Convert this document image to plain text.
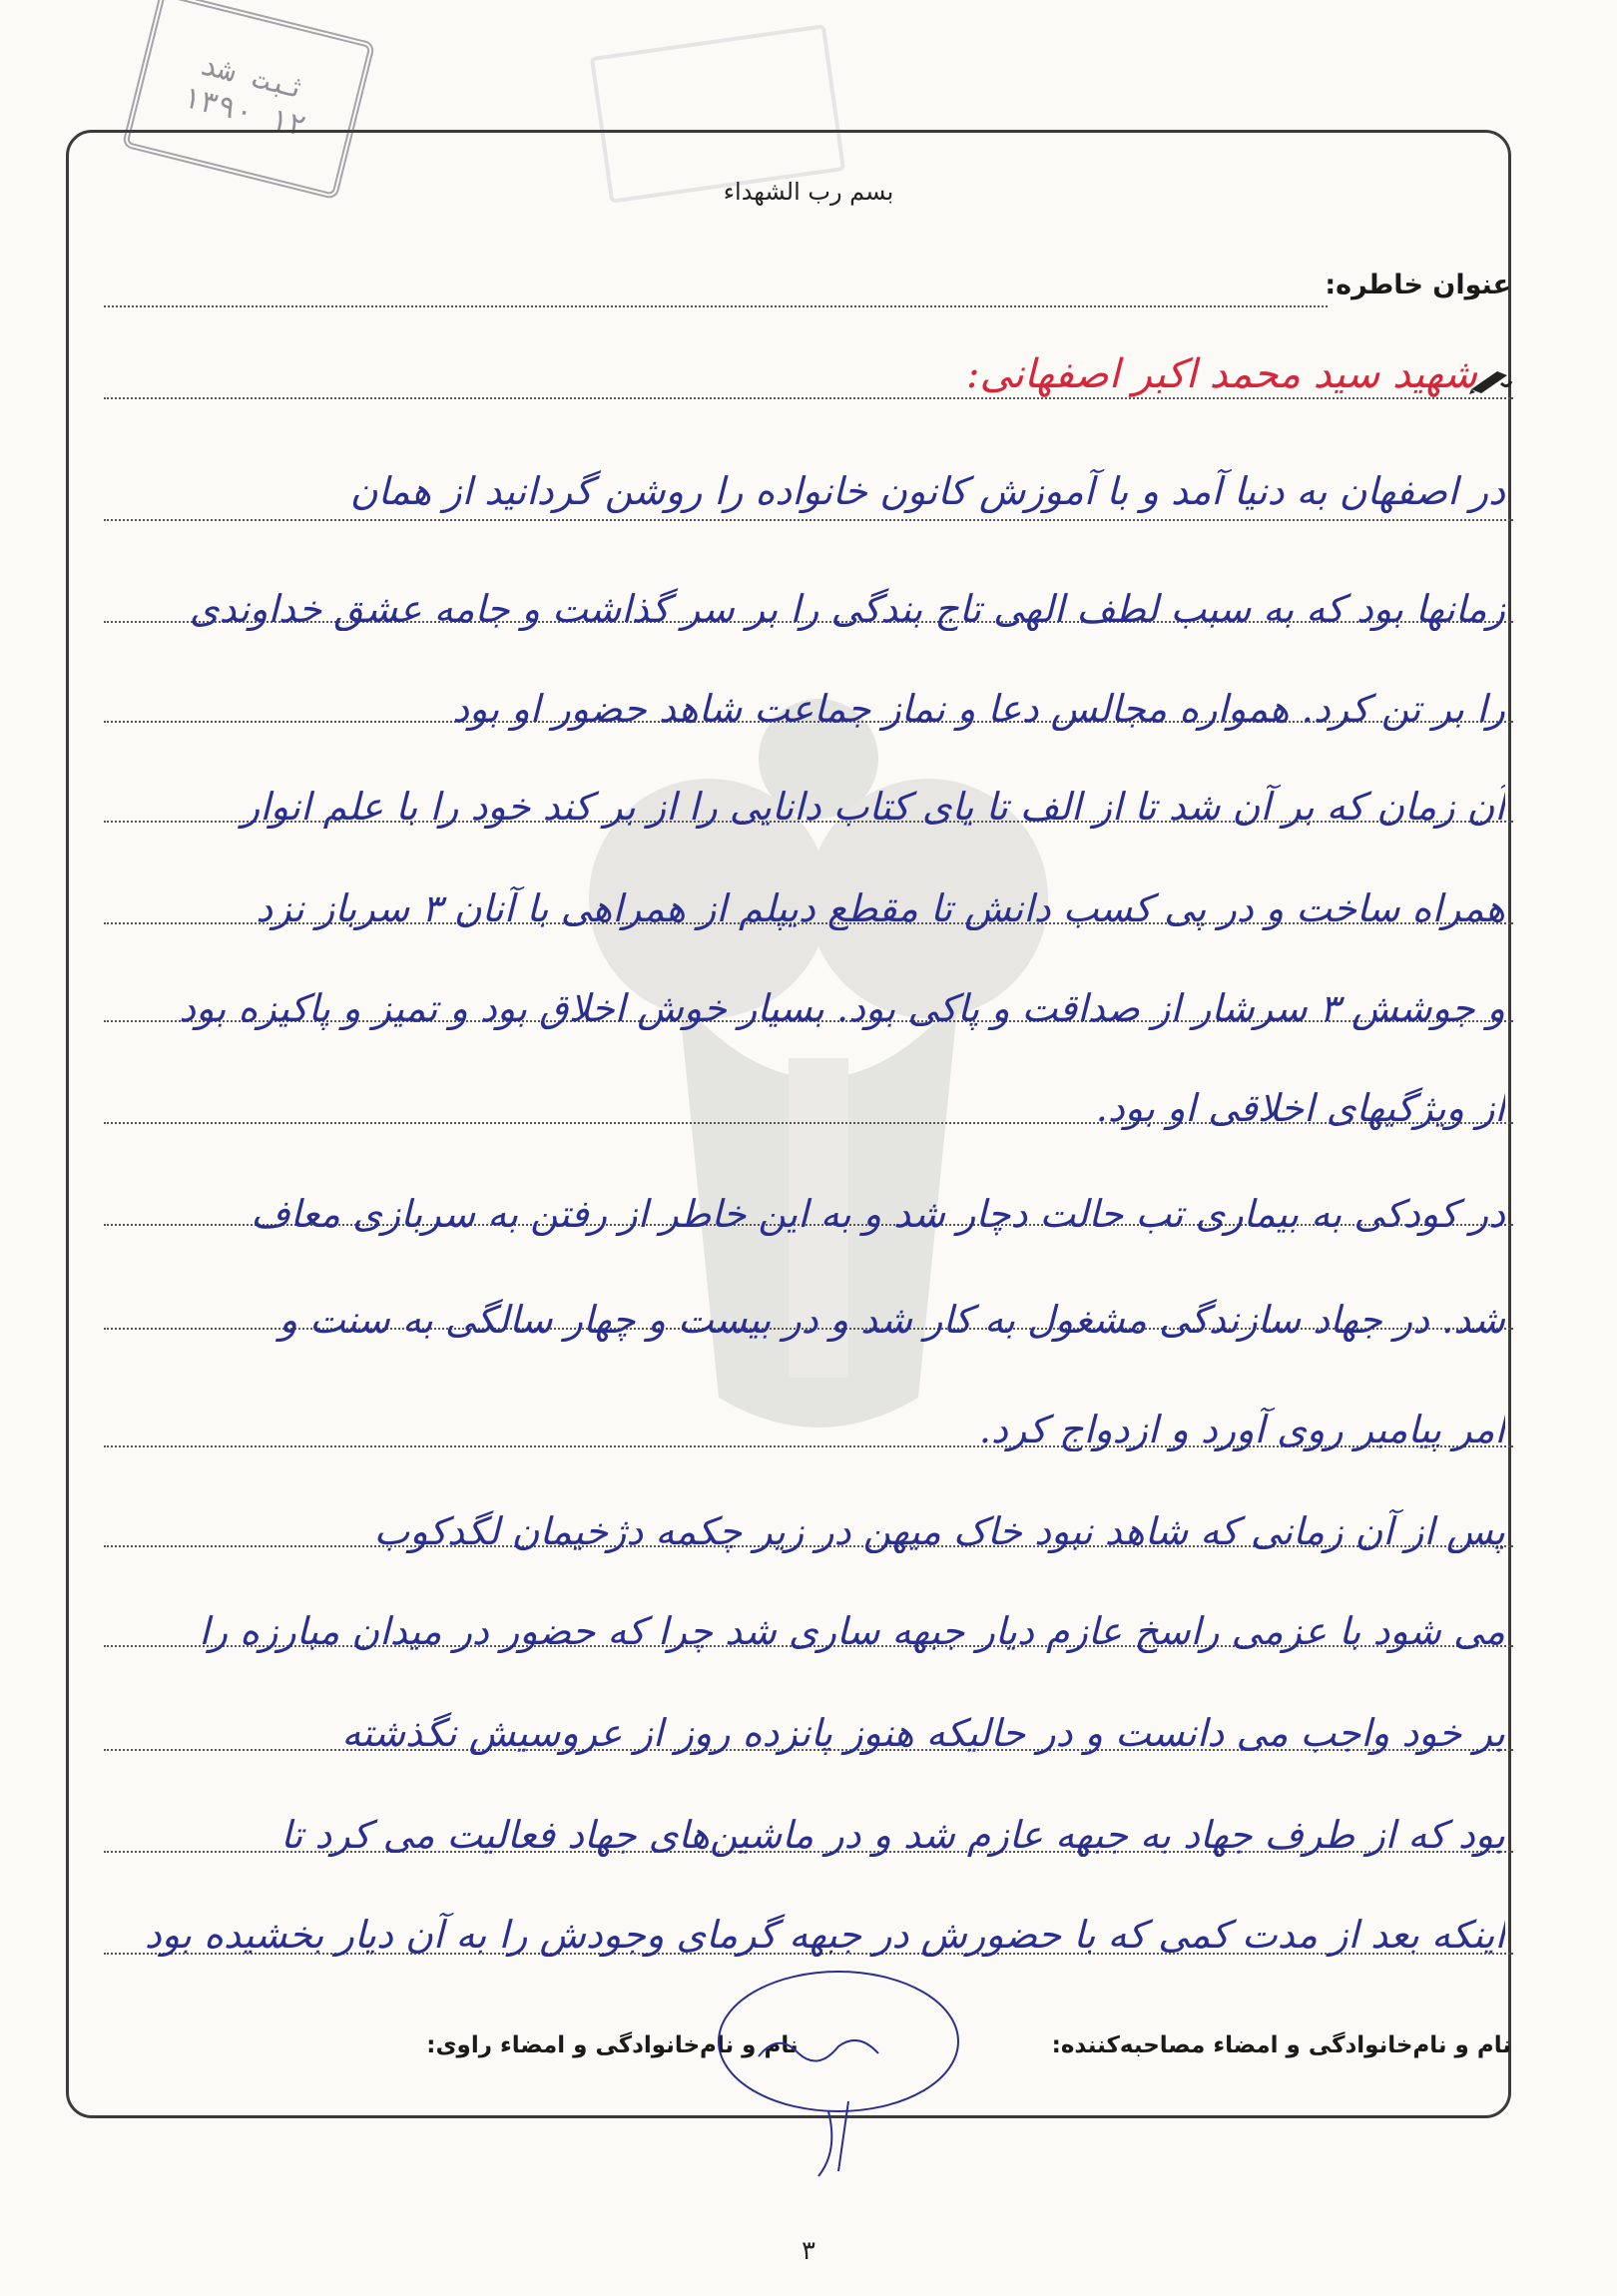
ثبت شد
۱۳۹۰ ۱۲
بسم رب الشهداء
عنوان خاطره:
شهید سید محمد اکبر اصفهانی:
در اصفهان به دنیا آمد و با آموزش کانون خانواده را روشن گردانید از همان
زمانها بود که به سبب لطف الهی تاج بندگی را بر سر گذاشت و جامه عشق خداوندی
را بر تن کرد. همواره مجالس دعا و نماز جماعت شاهد حضور او بود
آن زمان که بر آن شد تا از الف تا یای کتاب دانایی را از بر کند خود را با علم انوار
همراه ساخت و در پی کسب دانش تا مقطع دیپلم از همراهی با آنان ۳ سرباز نزد
و جوشش ۳ سرشار از صداقت و پاکی بود. بسیار خوش اخلاق بود و تمیز و پاکیزه بود
از ویژگیهای اخلاقی او بود.
در کودکی به بیماری تب حالت دچار شد و به این خاطر از رفتن به سربازی معاف
شد. در جهاد سازندگی مشغول به کار شد و در بیست و چهار سالگی به سنت و
امر پیامبر روی آورد و ازدواج کرد.
پس از آن زمانی که شاهد نبود خاک میهن در زیر چکمه دژخیمان لگدکوب
می شود با عزمی راسخ عازم دیار جبهه ساری شد چرا که حضور در میدان مبارزه را
بر خود واجب می دانست و در حالیکه هنوز پانزده روز از عروسیش نگذشته
بود که از طرف جهاد به جبهه عازم شد و در ماشین‌های جهاد فعالیت می کرد تا
اینکه بعد از مدت کمی که با حضورش در جبهه گرمای وجودش را به آن دیار بخشیده بود
نام و نام‌خانوادگی و امضاء مصاحبه‌کننده:  نام و نام‌خانوادگی و امضاء راوی:
۳
